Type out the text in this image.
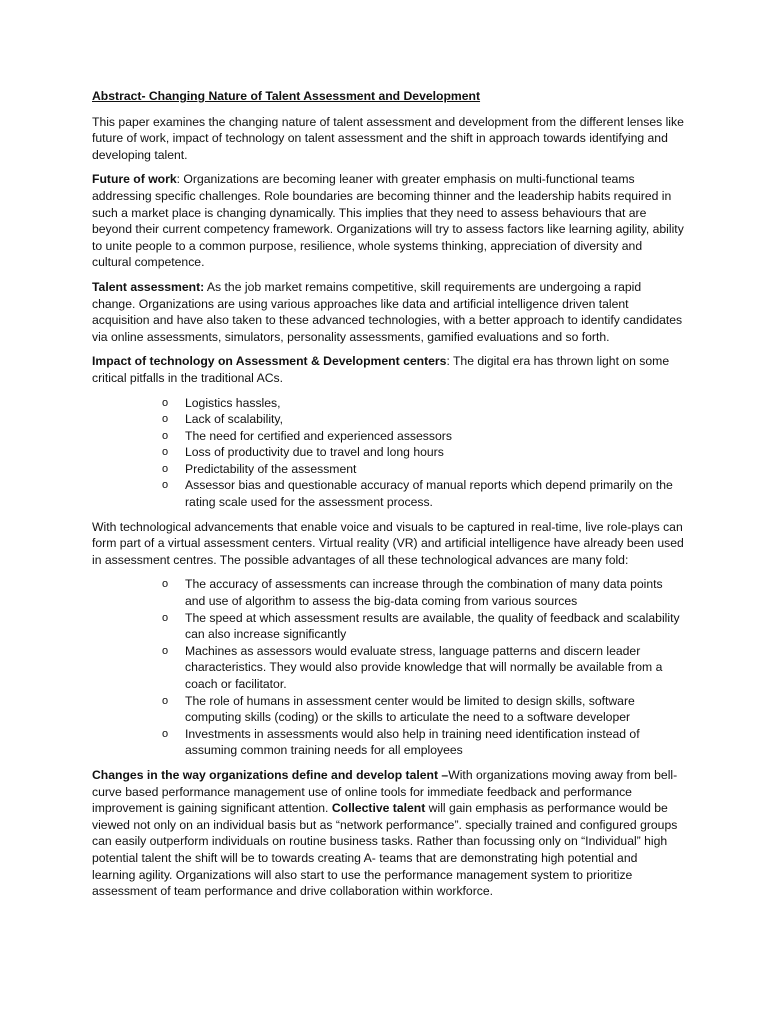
Abstract- Changing Nature of Talent Assessment and Development

This paper examines the changing nature of talent assessment and development from the different lenses like future of work, impact of technology on talent assessment and the shift in approach towards identifying and developing talent.

Future of work: Organizations are becoming leaner with greater emphasis on multi-functional teams addressing specific challenges. Role boundaries are becoming thinner and the leadership habits required in such a market place is changing dynamically. This implies that they need to assess behaviours that are beyond their current competency framework. Organizations will try to assess factors like learning agility, ability to unite people to a common purpose, resilience, whole systems thinking, appreciation of diversity and cultural competence.

Talent assessment: As the job market remains competitive, skill requirements are undergoing a rapid change. Organizations are using various approaches like data and artificial intelligence driven talent acquisition and have also taken to these advanced technologies, with a better approach to identify candidates via online assessments, simulators, personality assessments, gamified evaluations and so forth.

Impact of technology on Assessment & Development centers: The digital era has thrown light on some critical pitfalls in the traditional ACs.

o Logistics hassles,
o Lack of scalability,
o The need for certified and experienced assessors
o Loss of productivity due to travel and long hours
o Predictability of the assessment
o Assessor bias and questionable accuracy of manual reports which depend primarily on the rating scale used for the assessment process.

With technological advancements that enable voice and visuals to be captured in real-time, live role-plays can form part of a virtual assessment centers. Virtual reality (VR) and artificial intelligence have already been used in assessment centres. The possible advantages of all these technological advances are many fold:

o The accuracy of assessments can increase through the combination of many data points and use of algorithm to assess the big-data coming from various sources
o The speed at which assessment results are available, the quality of feedback and scalability can also increase significantly
o Machines as assessors would evaluate stress, language patterns and discern leader characteristics. They would also provide knowledge that will normally be available from a coach or facilitator.
o The role of humans in assessment center would be limited to design skills, software computing skills (coding) or the skills to articulate the need to a software developer
o Investments in assessments would also help in training need identification instead of assuming common training needs for all employees

Changes in the way organizations define and develop talent –With organizations moving away from bell-curve based performance management use of online tools for immediate feedback and performance improvement is gaining significant attention. Collective talent will gain emphasis as performance would be viewed not only on an individual basis but as “network performance”. specially trained and configured groups can easily outperform individuals on routine business tasks. Rather than focussing only on “Individual” high potential talent the shift will be to towards creating A- teams that are demonstrating high potential and learning agility. Organizations will also start to use the performance management system to prioritize assessment of team performance and drive collaboration within workforce.
